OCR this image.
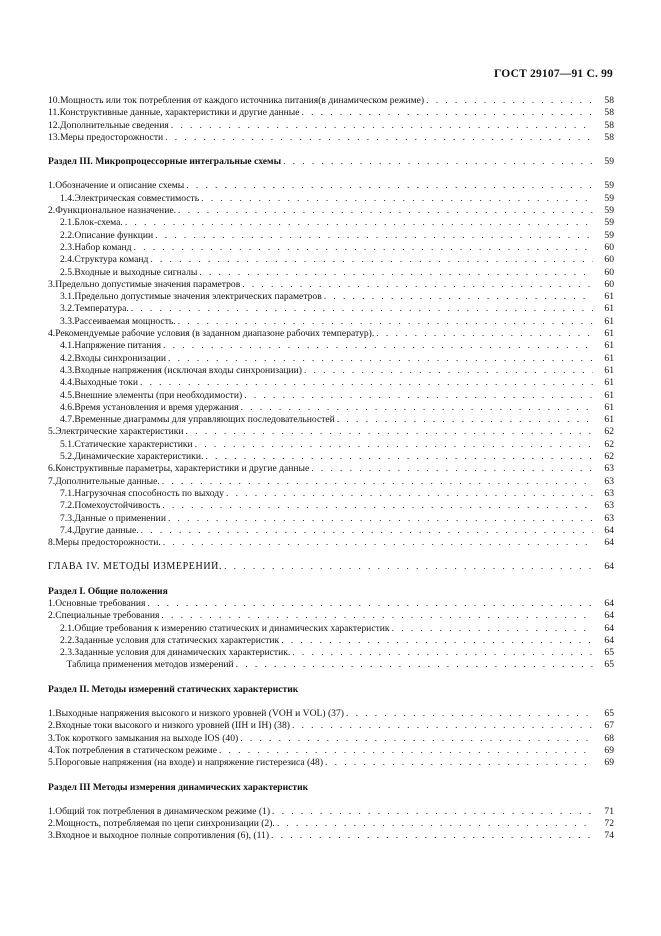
ГОСТ 29107—91 С. 99
10. Мощность или ток потребления от каждого источника питания(в динамическом режиме) . . .	58
11. Конструктивные данные, характеристики и другие данные . . .	58
12. Дополнительные сведения . . .	58
13. Меры предосторожности . . .	58
Раздел III. Микропроцессорные интегральные схемы . . .	59
1. Обозначение и описание схемы . . .	59
1.4. Электрическая совместимость . . .	59
2. Функциональное назначение. . . .	59
2.1. Блок-схема. . . .	59
2.2. Описание функции . . .	59
2.3. Набор команд . . .	60
2.4. Структура команд . . .	60
2.5. Входные и выходные сигналы . . .	60
3. Предельно допустимые значения параметров . . .	60
3.1. Предельно допустимые значения электрических параметров . . .	61
3.2. Температура. . . .	61
3.3. Рассеиваемая мощность. . . .	61
4. Рекомендуемые рабочие условия (в заданном диапазоне рабочих температур). . . .	61
4.1. Напряжение питания . . .	61
4.2. Входы синхронизации . . .	61
4.3. Входные напряжения (исключая входы синхронизации) . . .	61
4.4. Выходные токи . . .	61
4.5. Внешние элементы (при необходимости) . . .	61
4.6. Время установления и время удержания . . .	61
4.7. Временные диаграммы для управляющих последовательностей . . .	61
5. Электрические характеристики . . .	62
5.1. Статические характеристики . . .	62
5.2. Динамические характеристики. . . .	62
6. Конструктивные параметры, характеристики и другие данные . . .	63
7. Дополнительные данные. . . .	63
7.1. Нагрузочная способность по выходу . . .	63
7.2. Помехоустойчивость . . .	63
7.3. Данные о применении . . .	63
7.4. Другие данные. . . .	64
8. Меры предосторожности. . . .	64
ГЛАВА IV. МЕТОДЫ ИЗМЕРЕНИЙ. . . .	64
Раздел I. Общие положения
1. Основные требования . . .	64
2. Специальные требования . . .	64
2.1. Общие требования к измерению статических и динамических характеристик . . .	64
2.2. Заданные условия для статических характеристик . . .	64
2.3. Заданные условия для динамических характеристик. . . .	65
Таблица применения методов измерений . . .	65
Раздел II. Методы измерений статических характеристик
1. Выходные напряжения высокого и низкого уровней (VOH и VOL) (37) . . .	65
2. Входные токи высокого и низкого уровней (IIH и IH) (38) . . .	67
3. Ток короткого замыкания на выходе IOS (40) . . .	68
4. Ток потребления в статическом режиме . . .	69
5. Пороговые напряжения (на входе) и напряжение гистерезиса (48) . . .	69
Раздел III Методы измерения динамических характеристик
1. Общий ток потребления в динамическом режиме (1) . . .	71
2. Мощность, потребляемая по цепи синхронизации (2). . . .	72
3. Входное и выходное полные сопротивления (6), (11) . . .	74
